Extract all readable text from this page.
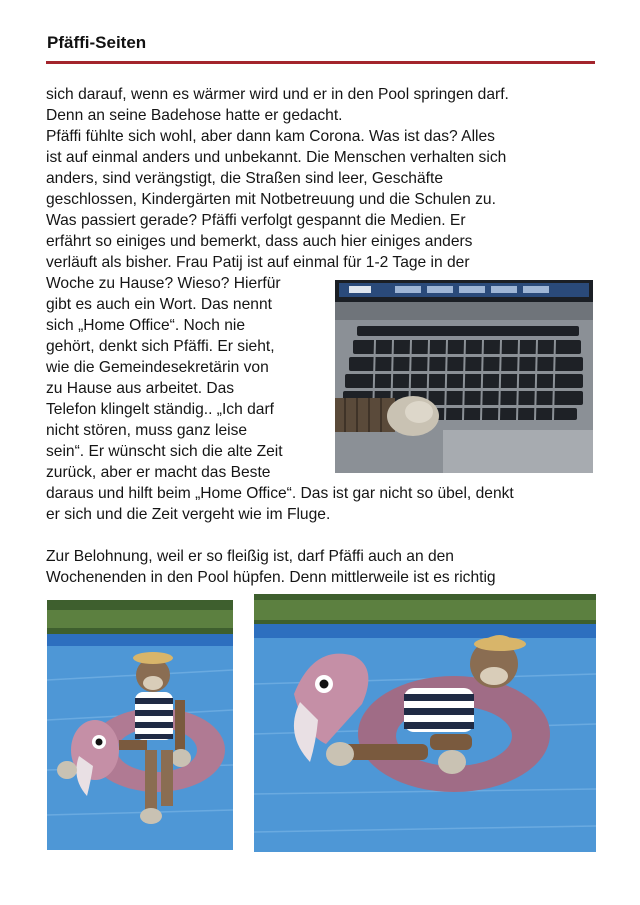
Pfäffi-Seiten
sich darauf, wenn es wärmer wird und er in den Pool springen darf.
Denn an seine Badehose hatte er gedacht.
Pfäffi fühlte sich wohl, aber dann kam Corona. Was ist das? Alles
ist auf einmal anders und unbekannt. Die Menschen verhalten sich
anders, sind verängstigt, die Straßen sind leer, Geschäfte
geschlossen, Kindergärten mit Notbetreuung und die Schulen zu.
Was passiert gerade? Pfäffi verfolgt gespannt die Medien. Er
erfährt so einiges und bemerkt, dass auch hier einiges anders
verläuft als bisher. Frau Patij ist auf einmal für 1-2 Tage in der
Woche zu Hause? Wieso? Hierfür
gibt es auch ein Wort. Das nennt
sich „Home Office“. Noch nie
gehört, denkt sich Pfäffi. Er sieht,
wie die Gemeindesekretärin von
zu Hause aus arbeitet. Das
Telefon klingelt ständig.. „Ich darf
nicht stören, muss ganz leise
sein“. Er wünscht sich die alte Zeit
zurück, aber er macht das Beste
daraus und hilft beim „Home Office“. Das ist gar nicht so übel, denkt
er sich und die Zeit vergeht wie im Fluge.
Zur Belohnung, weil er so fleißig ist, darf Pfäffi auch an den
Wochenenden in den Pool hüpfen. Denn mittlerweile ist es richtig
